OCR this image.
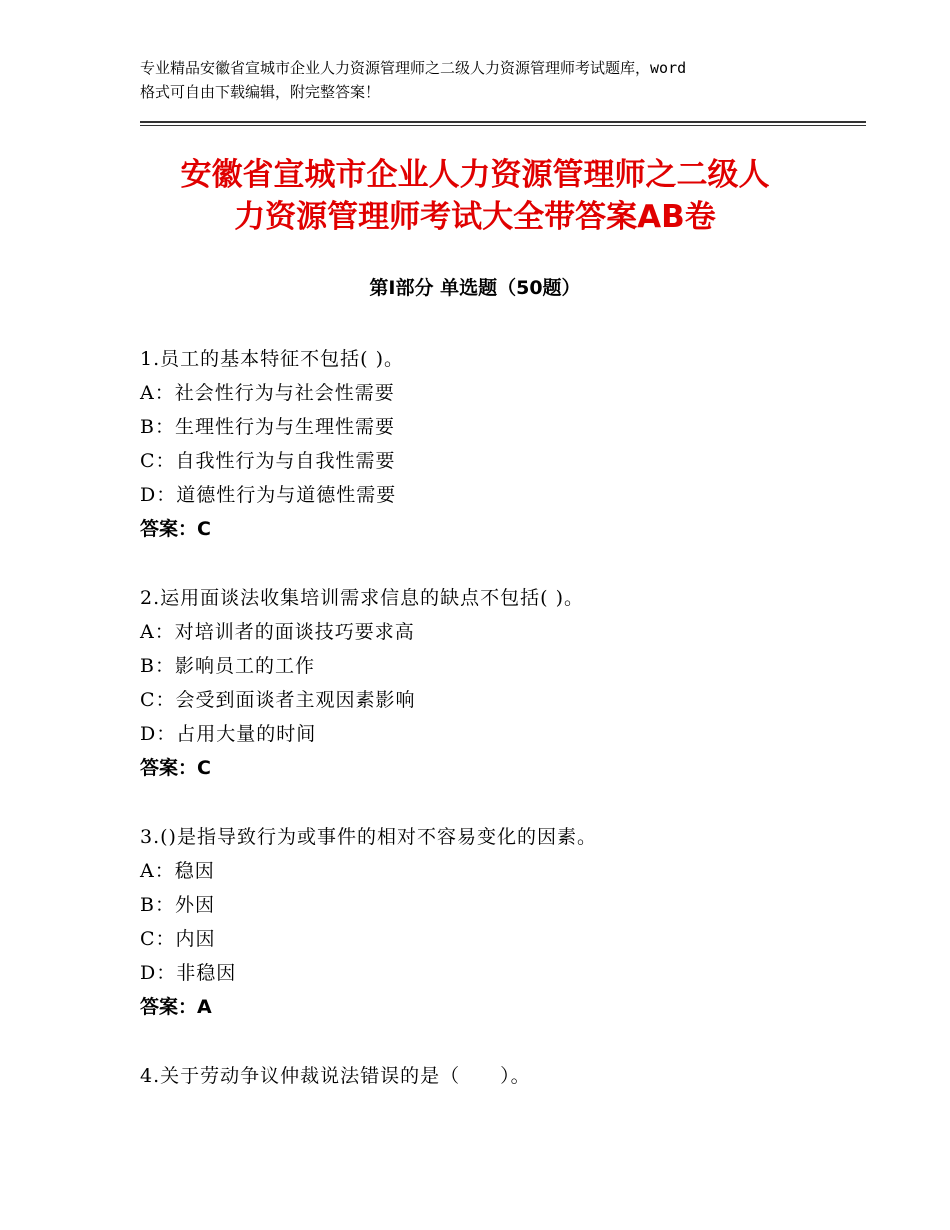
专业精品安徽省宣城市企业人力资源管理师之二级人力资源管理师考试题库，word
格式可自由下载编辑，附完整答案！
安徽省宣城市企业人力资源管理师之二级人
力资源管理师考试大全带答案AB卷
第Ⅰ部分 单选题（50题）
1.员工的基本特征不包括( )。
A：社会性行为与社会性需要
B：生理性行为与生理性需要
C：自我性行为与自我性需要
D：道德性行为与道德性需要
答案：C
2.运用面谈法收集培训需求信息的缺点不包括( )。
A：对培训者的面谈技巧要求高
B：影响员工的工作
C：会受到面谈者主观因素影响
D：占用大量的时间
答案：C
3.()是指导致行为或事件的相对不容易变化的因素。
A：稳因
B：外因
C：内因
D：非稳因
答案：A
4.关于劳动争议仲裁说法错误的是（　　）。
